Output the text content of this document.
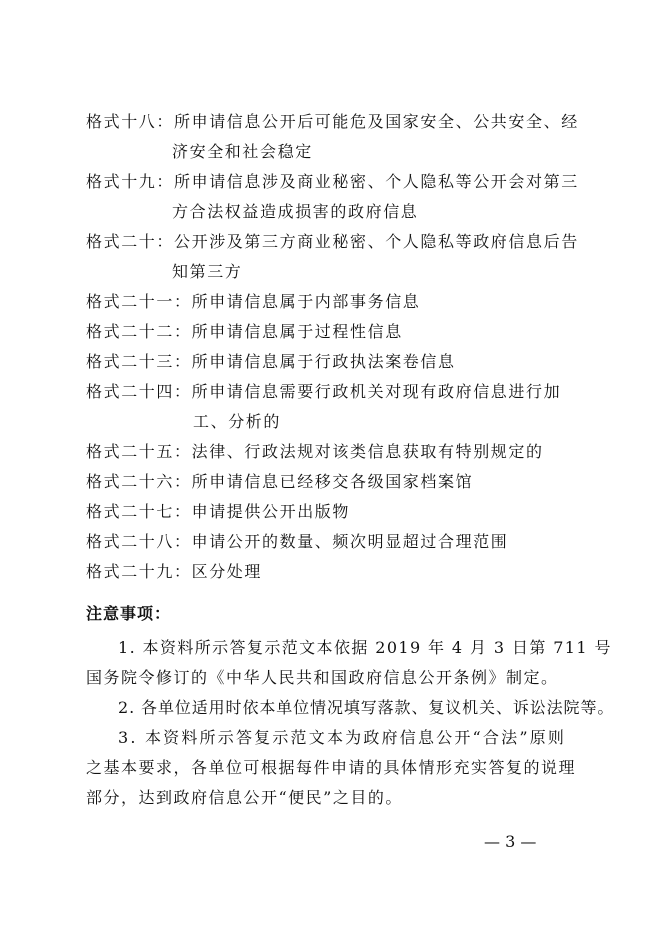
格式十八：所申请信息公开后可能危及国家安全、公共安全、经
济安全和社会稳定
格式十九：所申请信息涉及商业秘密、个人隐私等公开会对第三
方合法权益造成损害的政府信息
格式二十：公开涉及第三方商业秘密、个人隐私等政府信息后告
知第三方
格式二十一：所申请信息属于内部事务信息
格式二十二：所申请信息属于过程性信息
格式二十三：所申请信息属于行政执法案卷信息
格式二十四：所申请信息需要行政机关对现有政府信息进行加
工、分析的
格式二十五：法律、行政法规对该类信息获取有特别规定的
格式二十六：所申请信息已经移交各级国家档案馆
格式二十七：申请提供公开出版物
格式二十八：申请公开的数量、频次明显超过合理范围
格式二十九：区分处理
注意事项：
1. 本资料所示答复示范文本依据 2019 年 4 月 3 日第 711 号
国务院令修订的《中华人民共和国政府信息公开条例》制定。
2. 各单位适用时依本单位情况填写落款、复议机关、诉讼法院等。
3. 本资料所示答复示范文本为政府信息公开“合法”原则
之基本要求，各单位可根据每件申请的具体情形充实答复的说理
部分，达到政府信息公开“便民”之目的。
— 3 —
